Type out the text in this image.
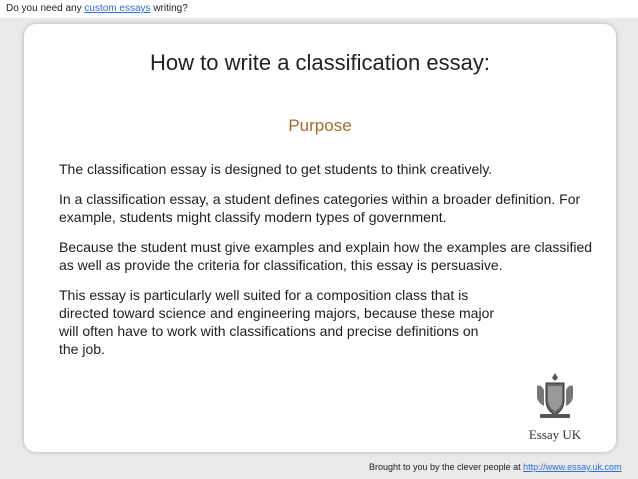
Do you need any custom essays writing?
How to write a classification essay:
Purpose

The classification essay is designed to get students to think creatively.

In a classification essay, a student defines categories within a broader definition. For example, students might classify modern types of government.

Because the student must give examples and explain how the examples are classified as well as provide the criteria for classification, this essay is persuasive.

This essay is particularly well suited for a composition class that is directed toward science and engineering majors, because these major will often have to work with classifications and precise definitions on the job.

Essay UK
Brought to you by the clever people at http://www.essay.uk.com
